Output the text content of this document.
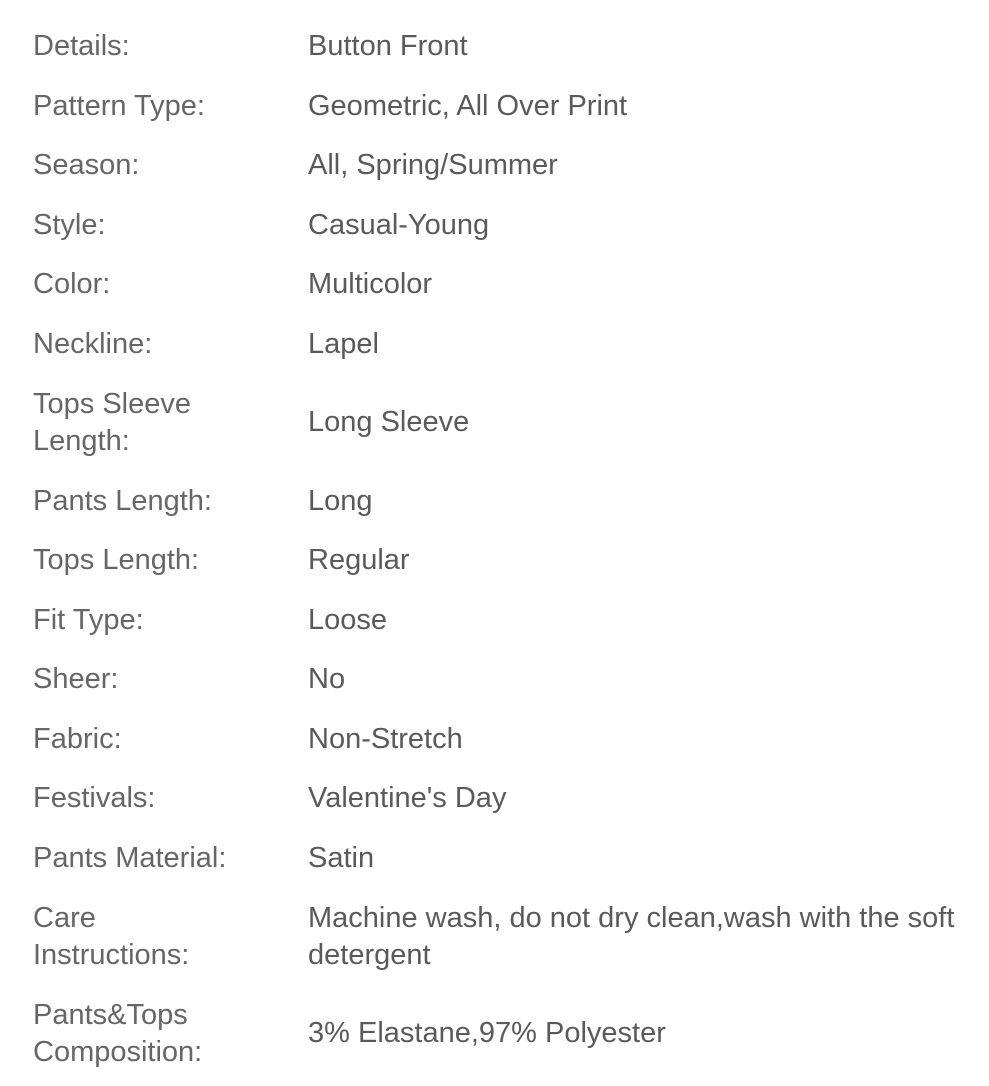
Details:	Button Front
Pattern Type:	Geometric, All Over Print
Season:	All, Spring/Summer
Style:	Casual-Young
Color:	Multicolor
Neckline:	Lapel
Tops Sleeve Length:
Long Sleeve
Pants Length:	Long
Tops Length:	Regular
Fit Type:	Loose
Sheer:	No
Fabric:	Non-Stretch
Festivals:	Valentine's Day
Pants Material:	Satin
Care Instructions:
Machine wash, do not dry clean,wash with the soft detergent
Pants&Tops Composition:
3% Elastane,97% Polyester
